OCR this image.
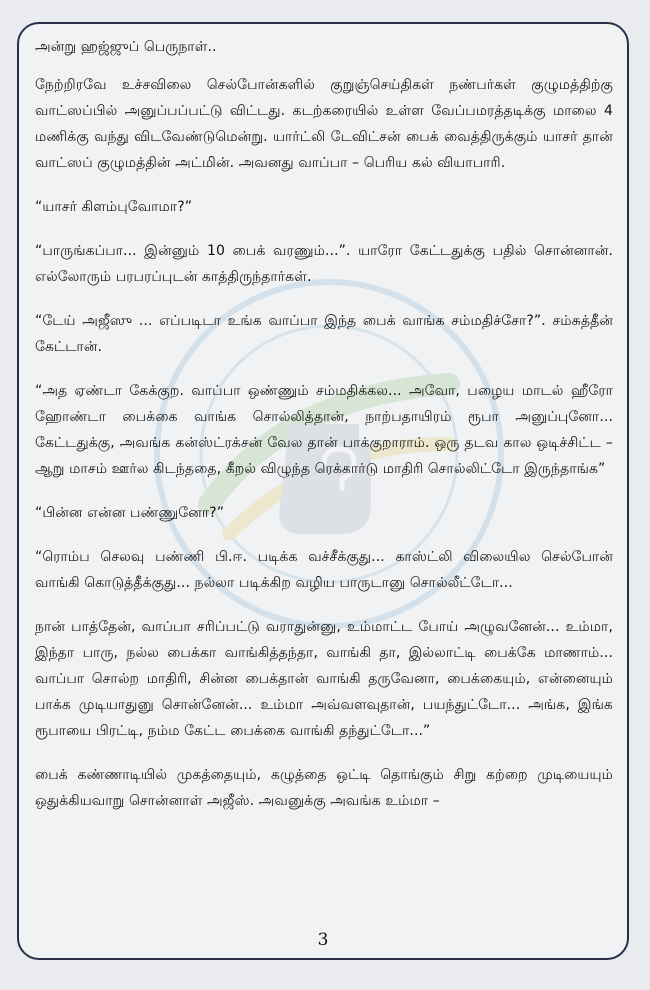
அன்று ஹஜ்ஜுப் பெருநாள்..

நேற்றிரவே உச்சவிலை செல்போன்களில் குறுஞ்செய்திகள் நண்பர்கள் குழுமத்திற்கு வாட்ஸப்பில் அனுப்பப்பட்டு விட்டது. கடற்கரையில் உள்ள வேப்பமரத்தடிக்கு மாலை 4 மணிக்கு வந்து விடவேண்டுமென்று. யார்ட்லி டேவிட்சன் பைக் வைத்திருக்கும் யாசர் தான் வாட்ஸப் குழுமத்தின் அட்மின். அவனது வாப்பா – பெரிய கல் வியாபாரி.

“யாசர் கிளம்புவோமா?”

“பாருங்கப்பா... இன்னும் 10 பைக் வரணும்...”. யாரோ கேட்டதுக்கு பதில் சொன்னான். எல்லோரும் பரபரப்புடன் காத்திருந்தார்கள்.

“டேய் அஜீஸு ... எப்படிடா உங்க வாப்பா இந்த பைக் வாங்க சம்மதிச்சோ?”. சம்சுத்தீன் கேட்டான்.

“அத ஏண்டா கேக்குற. வாப்பா ஒண்ணும் சம்மதிக்கல... அவோ, பழைய மாடல் ஹீரோ ஹோண்டா பைக்கை வாங்க சொல்லித்தான், நாற்பதாயிரம் ரூபா அனுப்புனோ... கேட்டதுக்கு, அவங்க கன்ஸ்ட்ரக்சன் வேல தான் பாக்குறாராம். ஒரு தடவ கால ஒடிச்சிட்ட – ஆறு மாசம் ஊர்ல கிடந்ததை, கீறல் விழுந்த ரெக்கார்டு மாதிரி சொல்லிட்டோ இருந்தாங்க”

“பின்ன என்ன பண்ணுனோ?”

“ரொம்ப செலவு பண்ணி பி.ஈ. படிக்க வச்சீக்குது... காஸ்ட்லி விலையில செல்போன் வாங்கி கொடுத்தீக்குது... நல்லா படிக்கிற வழிய பாருடானு சொல்லீட்டோ...

நான் பாத்தேன், வாப்பா சரிப்பட்டு வராதுன்னு, உம்மாட்ட போய் அழுவனேன்... உம்மா, இந்தா பாரு, நல்ல பைக்கா வாங்கித்தந்தா, வாங்கி தா, இல்லாட்டி பைக்கே மாணாம்... வாப்பா சொல்ற மாதிரி, சின்ன பைக்தான் வாங்கி தருவேனா, பைக்கையும், என்னையும் பாக்க முடியாதுனு சொன்னேன்... உம்மா அவ்வளவுதான், பயந்துட்டோ... அங்க, இங்க ரூபாயை பிரட்டி, நம்ம கேட்ட பைக்கை வாங்கி தந்துட்டோ...”

பைக் கண்ணாடியில் முகத்தையும், கழுத்தை ஒட்டி தொங்கும் சிறு கற்றை முடியையும் ஒதுக்கியவாறு சொன்னாள் அஜீஸ். அவனுக்கு அவங்க உம்மா –

3
